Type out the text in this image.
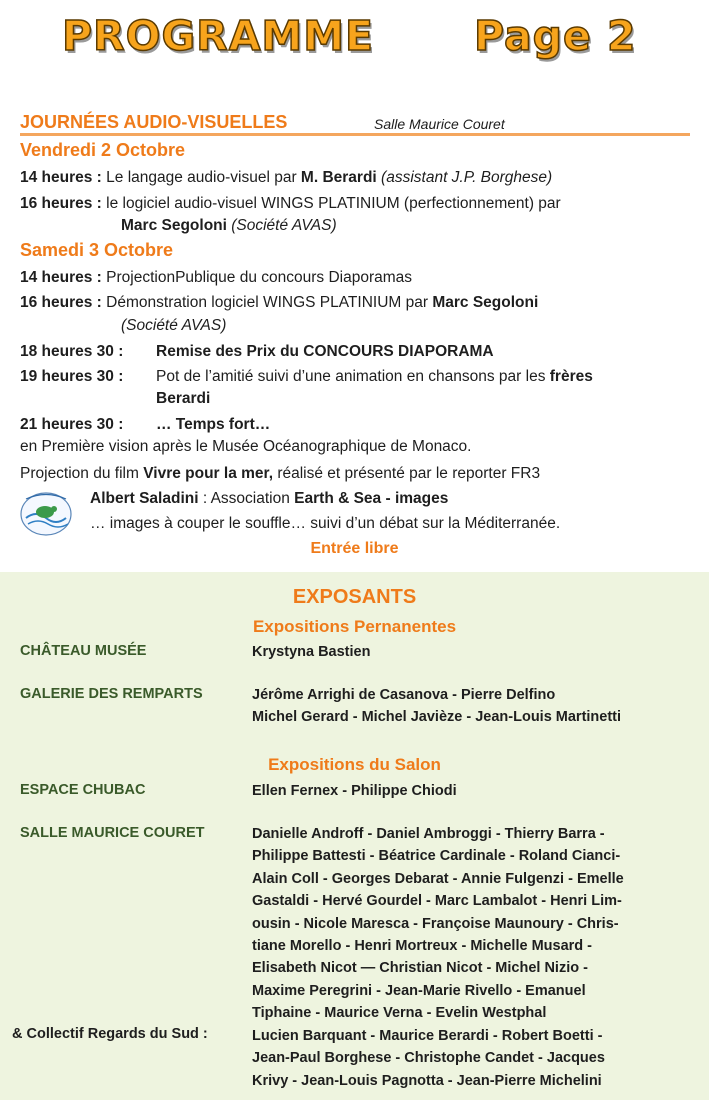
PROGRAMME Page 2
JOURNÉES AUDIO-VISUELLES	Salle Maurice Couret
Vendredi 2 Octobre
14 heures : Le langage audio-visuel par M. Berardi (assistant J.P. Borghese)
16 heures : le logiciel audio-visuel WINGS PLATINIUM (perfectionnement) par
Marc Segoloni (Société AVAS)
Samedi 3 Octobre
14 heures : ProjectionPublique du concours Diaporamas
16 heures : Démonstration logiciel WINGS PLATINIUM par Marc Segoloni
(Société AVAS)
18 heures 30 : Remise des Prix du CONCOURS DIAPORAMA
19 heures 30 : Pot de l’amitié suivi d’une animation en chansons par les frères
Berardi
21 heures 30 : … Temps fort…
en Première vision après le Musée Océanographique de Monaco.
Projection du film Vivre pour la mer, réalisé et présenté par le reporter FR3
Albert Saladini : Association Earth & Sea - images
… images à couper le souffle… suivi d’un débat sur la Méditerranée.
Entrée libre
EXPOSANTS
Expositions Pernanentes
CHÂTEAU MUSÉE	Krystyna Bastien
GALERIE DES REMPARTS	Jérôme Arrighi de Casanova - Pierre Delfino
Michel Gerard - Michel Javièze - Jean-Louis Martinetti
Expositions du Salon
ESPACE CHUBAC	Ellen Fernex - Philippe Chiodi
SALLE MAURICE COURET	Danielle Androff - Daniel Ambroggi - Thierry Barra -
Philippe Battesti - Béatrice Cardinale - Roland Cianci-
Alain Coll - Georges Debarat - Annie Fulgenzi - Emelle
Gastaldi - Hervé Gourdel - Marc Lambalot - Henri Lim-
ousin - Nicole Maresca - Françoise Maunoury - Chris-
tiane Morello - Henri Mortreux - Michelle Musard -
Elisabeth Nicot — Christian Nicot - Michel Nizio -
Maxime Peregrini - Jean-Marie Rivello - Emanuel
Tiphaine - Maurice Verna - Evelin Westphal
& Collectif Regards du Sud :	Lucien Barquant - Maurice Berardi - Robert Boetti -
Jean-Paul Borghese - Christophe Candet - Jacques
Krivy - Jean-Louis Pagnotta - Jean-Pierre Michelini
